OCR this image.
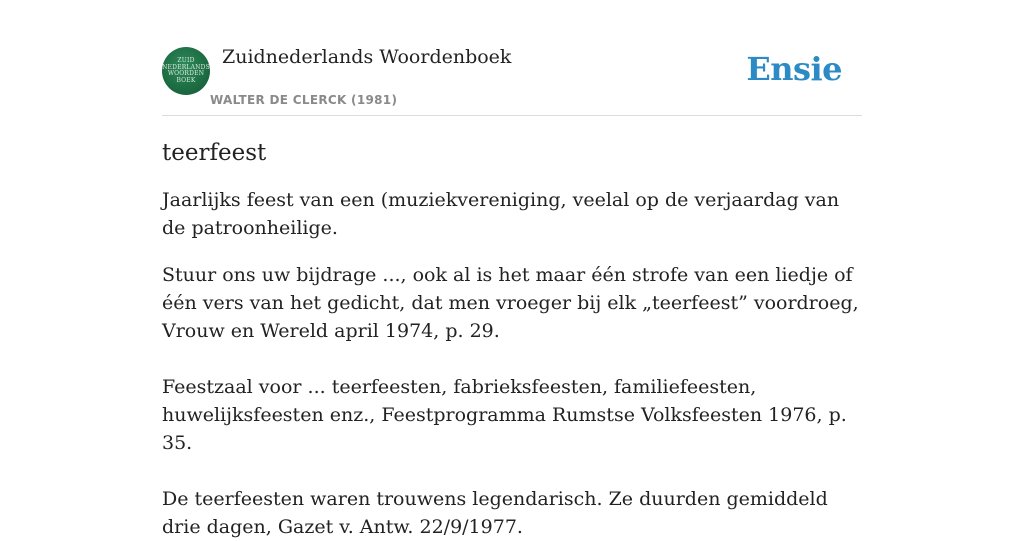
ZUID
NEDERLANDS
WOORDEN
BOEK
Zuidnederlands Woordenboek
WALTER DE CLERCK (1981)
Ensie
teerfeest

Jaarlijks feest van een (muziekvereniging, veelal op de verjaardag van de patroonheilige.

Stuur ons uw bijdrage ..., ook al is het maar één strofe van een liedje of één vers van het gedicht, dat men vroeger bij elk „teerfeest” voordroeg, Vrouw en Wereld april 1974, p. 29.

Feestzaal voor ... teerfeesten, fabrieksfeesten, familiefeesten, huwelijksfeesten enz., Feestprogramma Rumstse Volksfeesten 1976, p. 35.

De teerfeesten waren trouwens legendarisch. Ze duurden gemiddeld drie dagen, Gazet v. Antw. 22/9/1977.
